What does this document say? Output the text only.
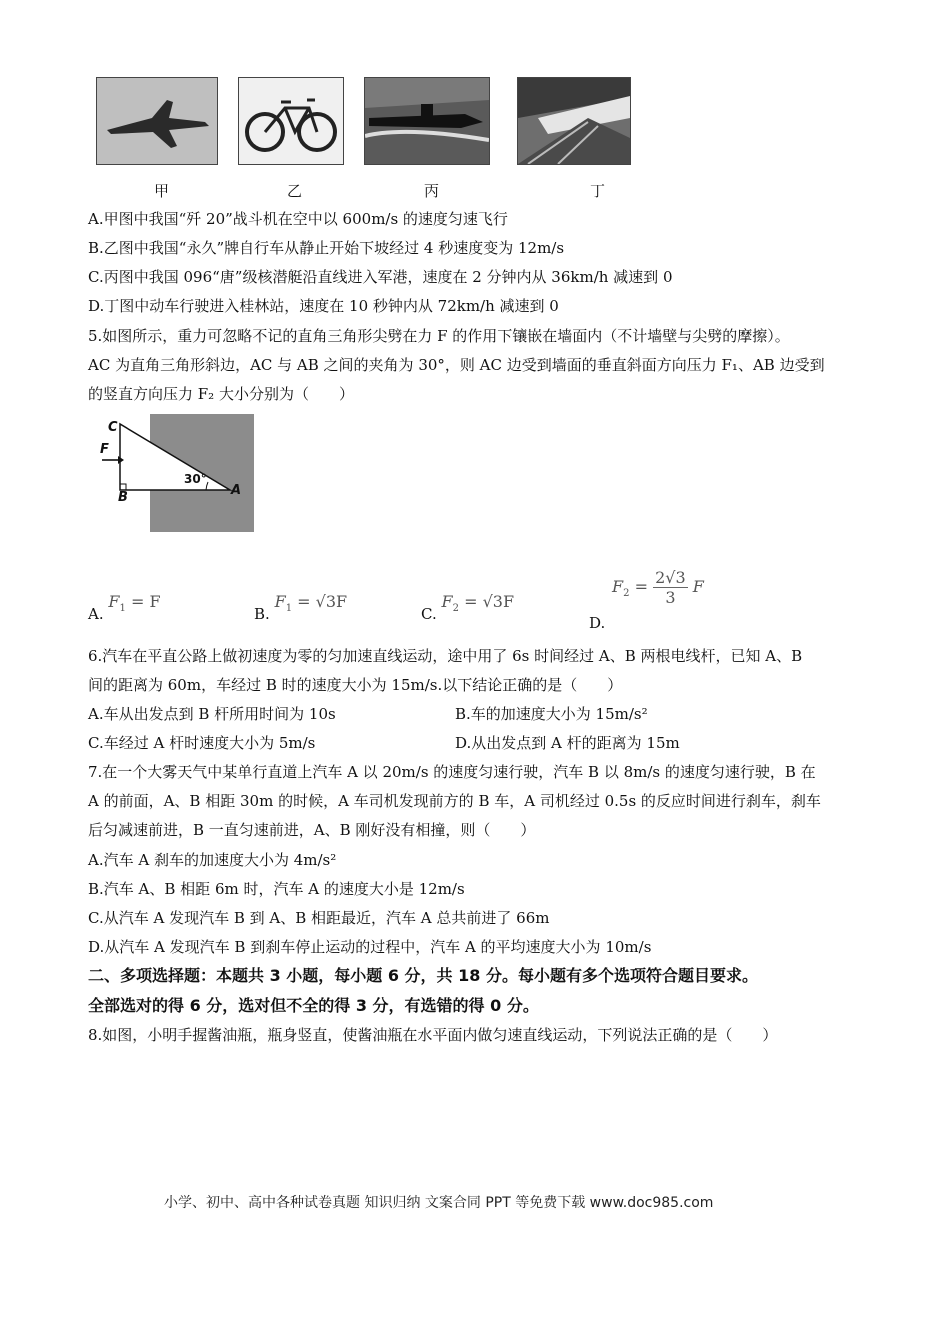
甲	乙	丙	丁
A.甲图中我国“歼 20”战斗机在空中以 600m/s 的速度匀速飞行
B.乙图中我国“永久”牌自行车从静止开始下坡经过 4 秒速度变为 12m/s
C.丙图中我国 096“唐”级核潜艇沿直线进入军港，速度在 2 分钟内从 36km/h 减速到 0
D.丁图中动车行驶进入桂林站，速度在 10 秒钟内从 72km/h 减速到 0
5.如图所示，重力可忽略不记的直角三角形尖劈在力 F 的作用下镶嵌在墙面内（不计墙壁与尖劈的摩擦）。
AC 为直角三角形斜边，AC 与 AB 之间的夹角为 30°，则 AC 边受到墙面的垂直斜面方向压力 F₁、AB 边受到
的竖直方向压力 F₂ 大小分别为（　　）
C
F
B	A
30°
A. $F_1 = F$
B. $F_1 = √3F$
C. $F_2 = √3F$
D. $F_2 = \frac{2√3}{3}$ F
6.汽车在平直公路上做初速度为零的匀加速直线运动，途中用了 6s 时间经过 A、B 两根电线杆，已知 A、B
间的距离为 60m，车经过 B 时的速度大小为 15m/s.以下结论正确的是（　　）
A.车从出发点到 B 杆所用时间为 10s	B.车的加速度大小为 15m/s²
C.车经过 A 杆时速度大小为 5m/s	D.从出发点到 A 杆的距离为 15m
7.在一个大雾天气中某单行直道上汽车 A 以 20m/s 的速度匀速行驶，汽车 B 以 8m/s 的速度匀速行驶，B 在
A 的前面，A、B 相距 30m 的时候，A 车司机发现前方的 B 车，A 司机经过 0.5s 的反应时间进行刹车，刹车
后匀减速前进，B 一直匀速前进，A、B 刚好没有相撞，则（　　）
A.汽车 A 刹车的加速度大小为 4m/s²
B.汽车 A、B 相距 6m 时，汽车 A 的速度大小是 12m/s
C.从汽车 A 发现汽车 B 到 A、B 相距最近，汽车 A 总共前进了 66m
D.从汽车 A 发现汽车 B 到刹车停止运动的过程中，汽车 A 的平均速度大小为 10m/s
二、多项选择题：本题共 3 小题，每小题 6 分，共 18 分。每小题有多个选项符合题目要求。
全部选对的得 6 分，选对但不全的得 3 分，有选错的得 0 分。
8.如图，小明手握酱油瓶，瓶身竖直，使酱油瓶在水平面内做匀速直线运动，下列说法正确的是（　　）
小学、初中、高中各种试卷真题 知识归纳 文案合同 PPT 等免费下载 www.doc985.com
